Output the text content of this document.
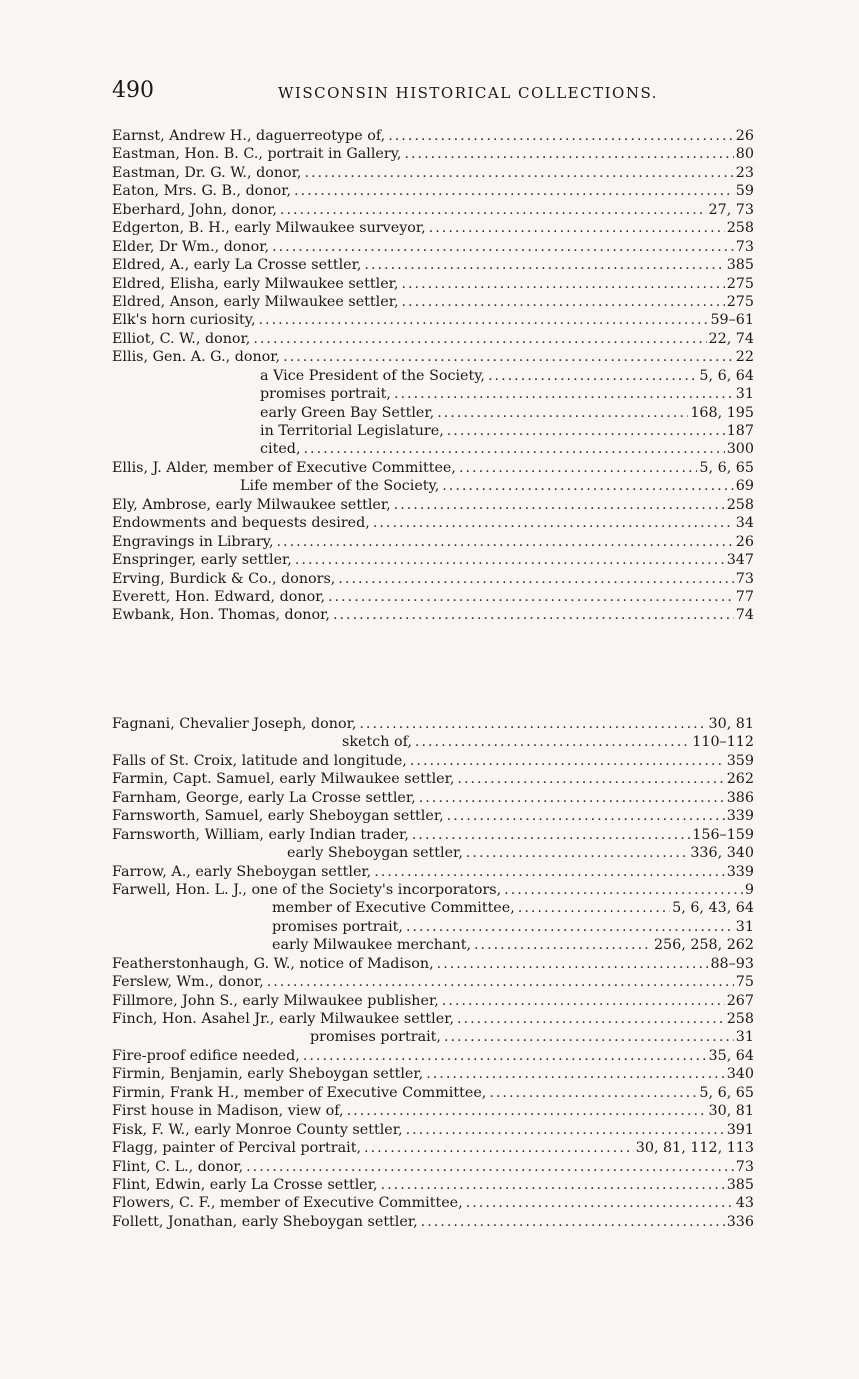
490	WISCONSIN HISTORICAL COLLECTIONS.
Earnst, Andrew H., daguerreotype of, .....	26
Eastman, Hon. B. C., portrait in Gallery, .....	80
Eastman, Dr. G. W., donor, .....	23
Eaton, Mrs. G. B., donor, .....	59
Eberhard, John, donor, .....	27, 73
Edgerton, B. H., early Milwaukee surveyor, .....	258
Elder, Dr Wm., donor, .....	73
Eldred, A., early La Crosse settler, .....	385
Eldred, Elisha, early Milwaukee settler, .....	275
Eldred, Anson, early Milwaukee settler, .....	275
Elk's horn curiosity, .....	59–61
Elliot, C. W., donor, .....	22, 74
Ellis, Gen. A. G., donor, .....	22
a Vice President of the Society, .....	5, 6, 64
promises portrait, .....	31
early Green Bay Settler, .....	168, 195
in Territorial Legislature, .....	187
cited, .....	300
Ellis, J. Alder, member of Executive Committee, .....	5, 6, 65
Life member of the Society, .....	69
Ely, Ambrose, early Milwaukee settler, .....	258
Endowments and bequests desired, .....	34
Engravings in Library, .....	26
Enspringer, early settler, .....	347
Erving, Burdick & Co., donors, .....	73
Everett, Hon. Edward, donor, .....	77
Ewbank, Hon. Thomas, donor, .....	74
Fagnani, Chevalier Joseph, donor, .....	30, 81
sketch of, .....	110–112
Falls of St. Croix, latitude and longitude, .....	359
Farmin, Capt. Samuel, early Milwaukee settler, .....	262
Farnham, George, early La Crosse settler, .....	386
Farnsworth, Samuel, early Sheboygan settler, .....	339
Farnsworth, William, early Indian trader, .....	156–159
early Sheboygan settler, .....	336, 340
Farrow, A., early Sheboygan settler, .....	339
Farwell, Hon. L. J., one of the Society's incorporators, .....	9
member of Executive Committee, .....	5, 6, 43, 64
promises portrait, .....	31
early Milwaukee merchant, .....	256, 258, 262
Featherstonhaugh, G. W., notice of Madison, .....	88–93
Ferslew, Wm., donor, .....	75
Fillmore, John S., early Milwaukee publisher, .....	267
Finch, Hon. Asahel Jr., early Milwaukee settler, .....	258
promises portrait, .....	31
Fire-proof edifice needed, .....	35, 64
Firmin, Benjamin, early Sheboygan settler, .....	340
Firmin, Frank H., member of Executive Committee, .....	5, 6, 65
First house in Madison, view of, .....	30, 81
Fisk, F. W., early Monroe County settler, .....	391
Flagg, painter of Percival portrait, .....	30, 81, 112, 113
Flint, C. L., donor, .....	73
Flint, Edwin, early La Crosse settler, .....	385
Flowers, C. F., member of Executive Committee, .....	43
Follett, Jonathan, early Sheboygan settler, .....	336
